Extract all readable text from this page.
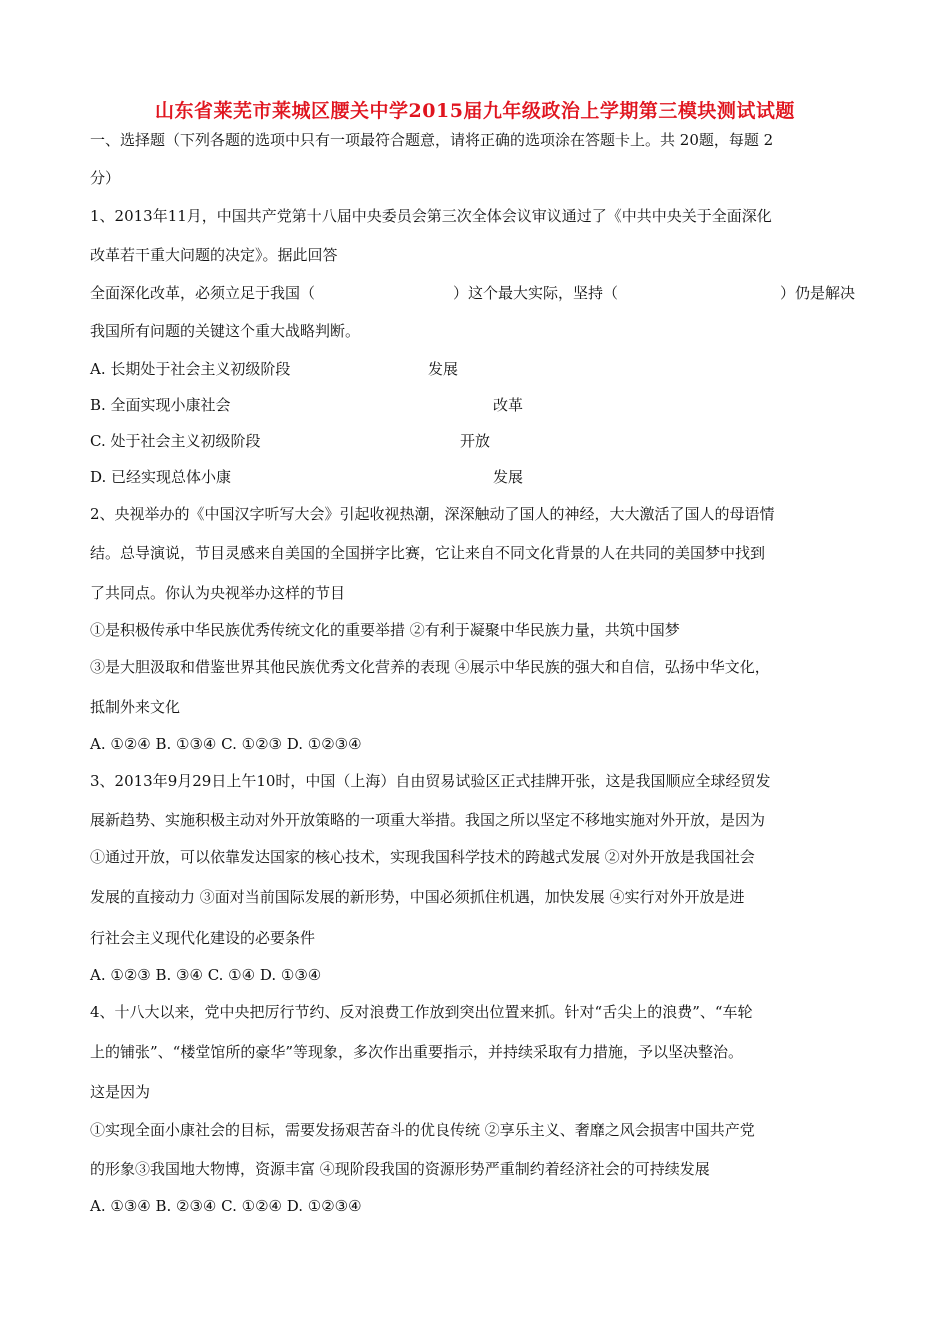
山东省莱芜市莱城区腰关中学2015届九年级政治上学期第三模块测试试题
一、选择题（下列各题的选项中只有一项最符合题意，请将正确的选项涂在答题卡上。共 20题，每题 2
分）
1、2013年11月，中国共产党第十八届中央委员会第三次全体会议审议通过了《中共中央关于全面深化
改革若干重大问题的决定》。据此回答
全面深化改革，必须立足于我国（	）这个最大实际，坚持（	）仍是解决
我国所有问题的关键这个重大战略判断。
A. 长期处于社会主义初级阶段	发展
B. 全面实现小康社会	改革
C. 处于社会主义初级阶段	开放
D. 已经实现总体小康	发展
2、央视举办的《中国汉字听写大会》引起收视热潮，深深触动了国人的神经，大大激活了国人的母语情
结。总导演说，节目灵感来自美国的全国拼字比赛，它让来自不同文化背景的人在共同的美国梦中找到
了共同点。你认为央视举办这样的节目
①是积极传承中华民族优秀传统文化的重要举措 ②有利于凝聚中华民族力量，共筑中国梦
③是大胆汲取和借鉴世界其他民族优秀文化营养的表现 ④展示中华民族的强大和自信，弘扬中华文化，
抵制外来文化
A. ①②④ B. ①③④ C. ①②③ D. ①②③④
3、2013年9月29日上午10时，中国（上海）自由贸易试验区正式挂牌开张，这是我国顺应全球经贸发
展新趋势、实施积极主动对外开放策略的一项重大举措。我国之所以坚定不移地实施对外开放，是因为
①通过开放，可以依靠发达国家的核心技术，实现我国科学技术的跨越式发展 ②对外开放是我国社会
发展的直接动力 ③面对当前国际发展的新形势，中国必须抓住机遇，加快发展 ④实行对外开放是进
行社会主义现代化建设的必要条件
A. ①②③ B. ③④ C. ①④ D. ①③④
4、十八大以来，党中央把厉行节约、反对浪费工作放到突出位置来抓。针对“舌尖上的浪费”、“车轮
上的铺张”、“楼堂馆所的豪华”等现象，多次作出重要指示，并持续采取有力措施，予以坚决整治。
这是因为
①实现全面小康社会的目标，需要发扬艰苦奋斗的优良传统 ②享乐主义、奢靡之风会损害中国共产党
的形象③我国地大物博，资源丰富 ④现阶段我国的资源形势严重制约着经济社会的可持续发展
A. ①③④ B. ②③④ C. ①②④ D. ①②③④
